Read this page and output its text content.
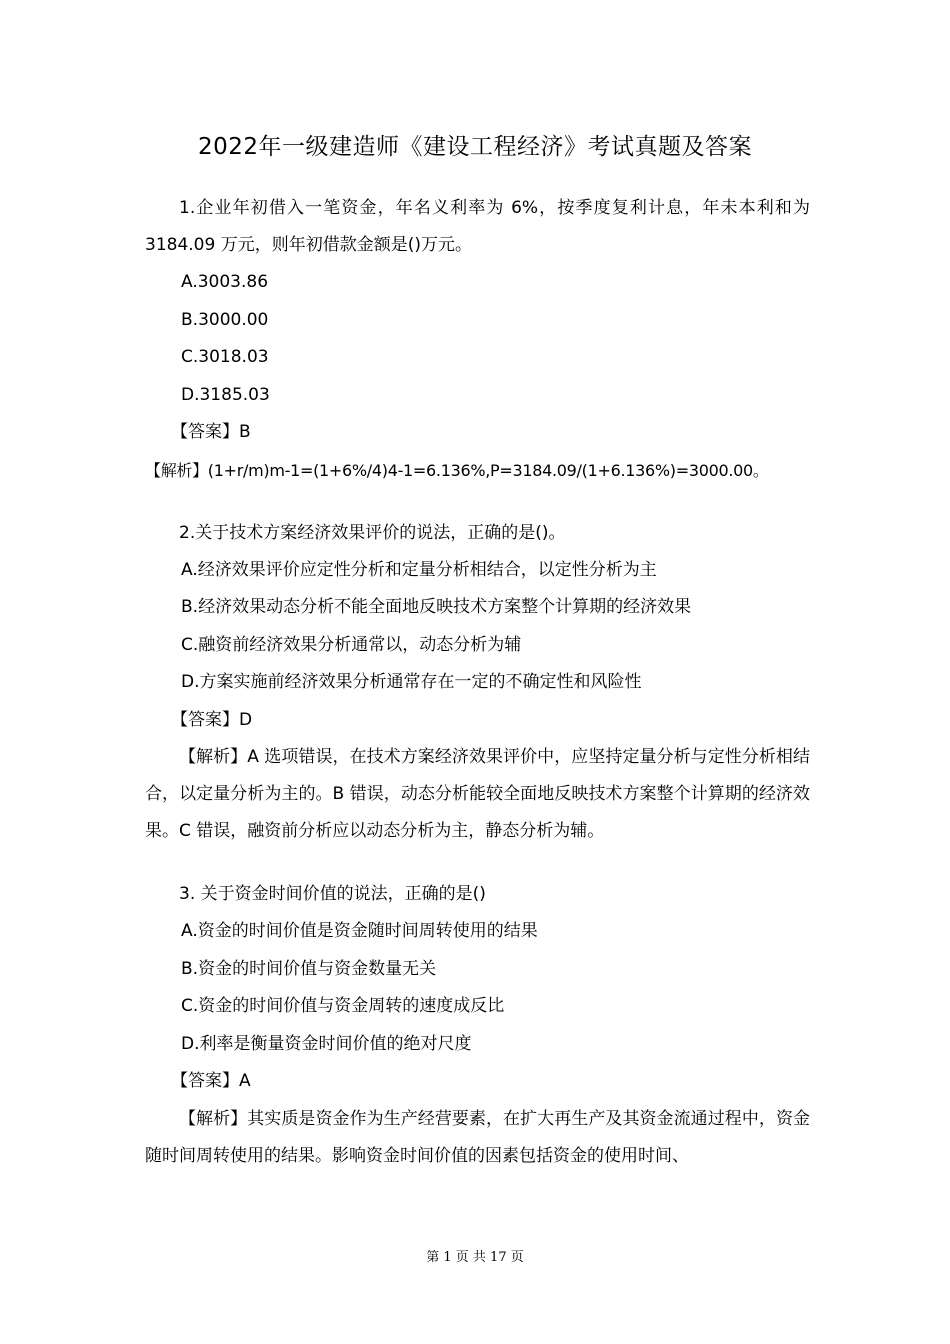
2022年一级建造师《建设工程经济》考试真题及答案

1.企业年初借入一笔资金，年名义利率为 6%，按季度复利计息，年未本利和为 3184.09 万元，则年初借款金额是()万元。

A.3003.86

B.3000.00

C.3018.03

D.3185.03

【答案】B

【解析】(1+r/m)m-1=(1+6%/4)4-1=6.136%,P=3184.09/(1+6.136%)=3000.00。

2.关于技术方案经济效果评价的说法，正确的是()。

A.经济效果评价应定性分析和定量分析相结合，以定性分析为主

B.经济效果动态分析不能全面地反映技术方案整个计算期的经济效果

C.融资前经济效果分析通常以，动态分析为辅

D.方案实施前经济效果分析通常存在一定的不确定性和风险性

【答案】D

【解析】A 选项错误，在技术方案经济效果评价中，应坚持定量分析与定性分析相结合，以定量分析为主的。B 错误，动态分析能较全面地反映技术方案整个计算期的经济效果。C 错误，融资前分析应以动态分析为主，静态分析为辅。

3. 关于资金时间价值的说法，正确的是()

A.资金的时间价值是资金随时间周转使用的结果

B.资金的时间价值与资金数量无关

C.资金的时间价值与资金周转的速度成反比

D.利率是衡量资金时间价值的绝对尺度

【答案】A

【解析】其实质是资金作为生产经营要素，在扩大再生产及其资金流通过程中，资金随时间周转使用的结果。影响资金时间价值的因素包括资金的使用时间、

第 1 页 共 17 页
